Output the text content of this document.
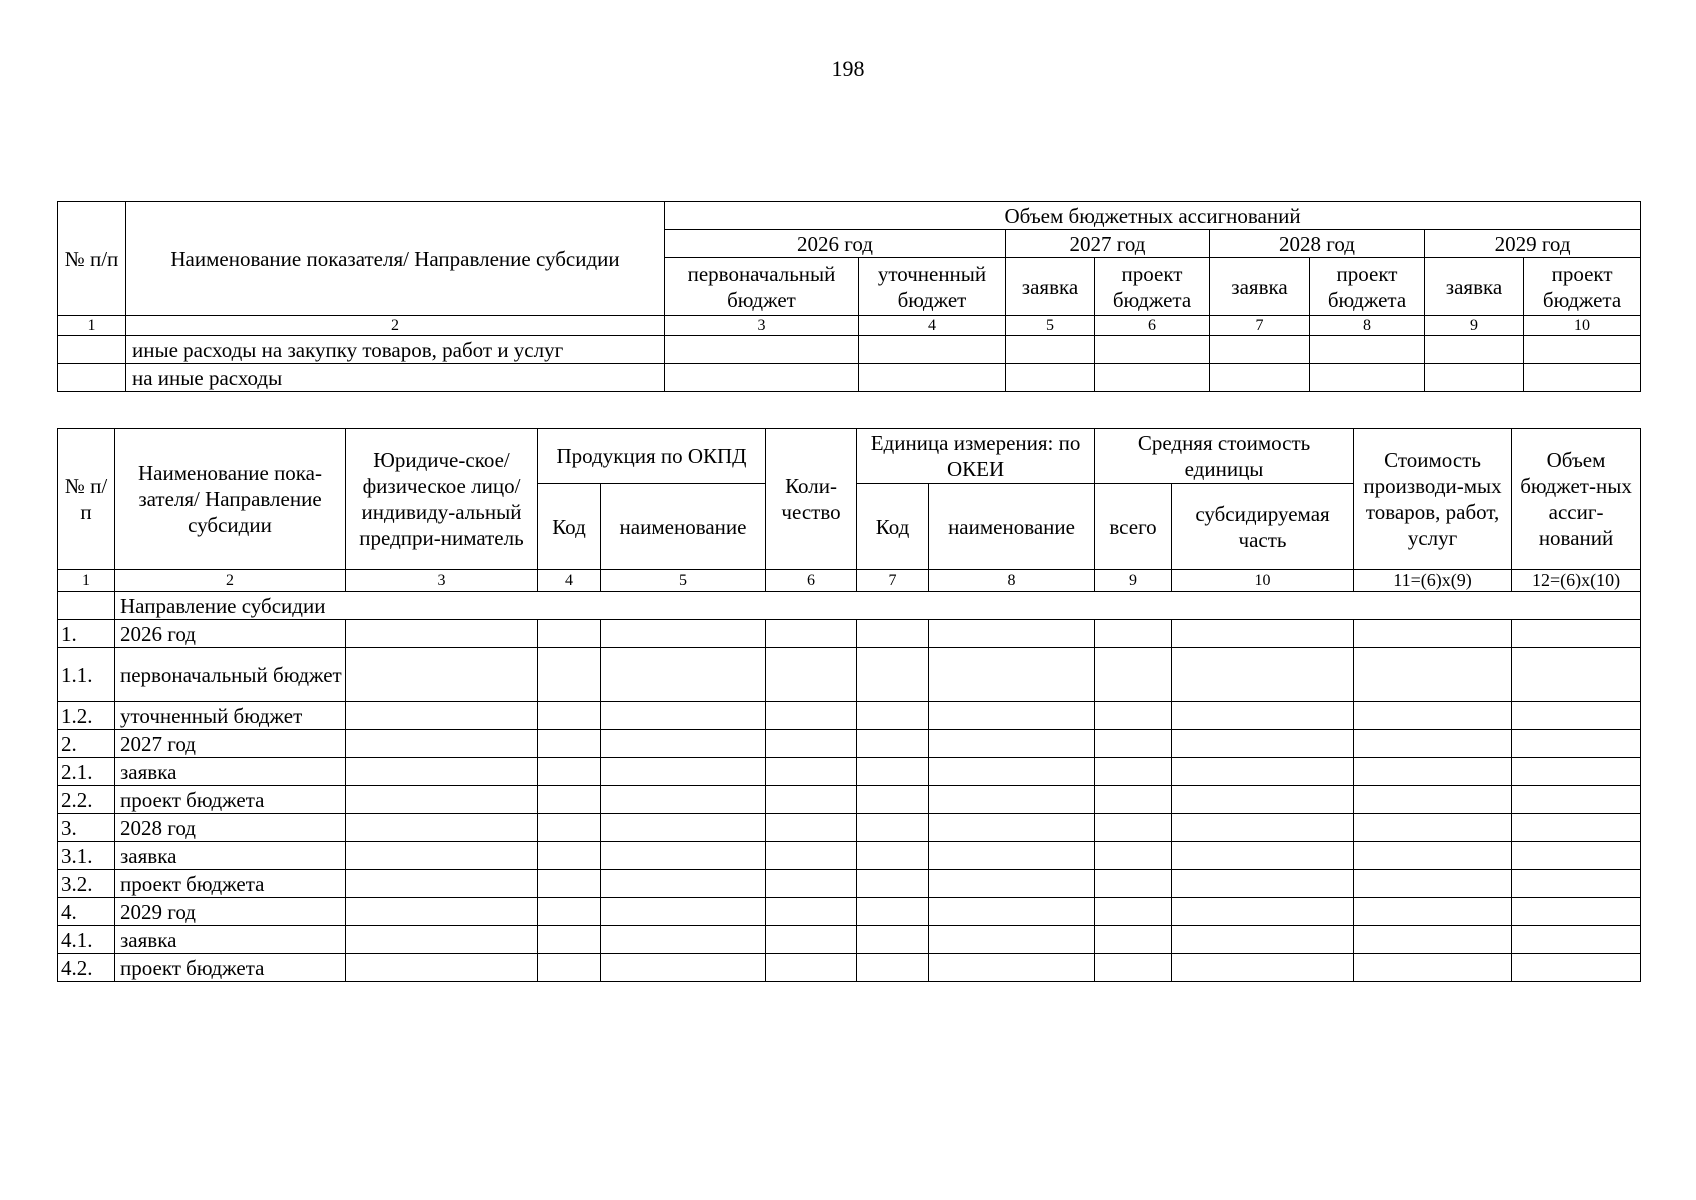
198
№ п/п	Наименование показателя/ Направление субсидии	Объем бюджетных ассигнований							
		2026 год		2027 год		2028 год		2029 год	
		первоначальный бюджет	уточненный бюджет	заявка	проект бюджета	заявка	проект бюджета	заявка	проект бюджета
1	2	3	4	5	6	7	8	9	10
	иные расходы на закупку товаров, работ и услуг								
	на иные расходы								
№ п/п	Наименование пока-зателя/ Направление субсидии	Юридиче-ское/физическое лицо/ индивиду-альный предпри-ниматель	Продукция по ОКПД		Коли-чество	Единица измерения: по ОКЕИ		Средняя стоимость единицы		Стоимость производи-мых товаров, работ, услуг	Объем бюджет-ных ассиг-нований
			Код	наименование		Код	наименование	всего	субсидируемая часть		
1	2	3	4	5	6	7	8	9	10	11=(6)х(9)	12=(6)х(10)
	Направление субсидии										
1.	2026 год										
1.1.	первоначальный бюджет										
1.2.	уточненный бюджет										
2.	2027 год										
2.1.	заявка										
2.2.	проект бюджета										
3.	2028 год										
3.1.	заявка										
3.2.	проект бюджета										
4.	2029 год										
4.1.	заявка										
4.2.	проект бюджета										
